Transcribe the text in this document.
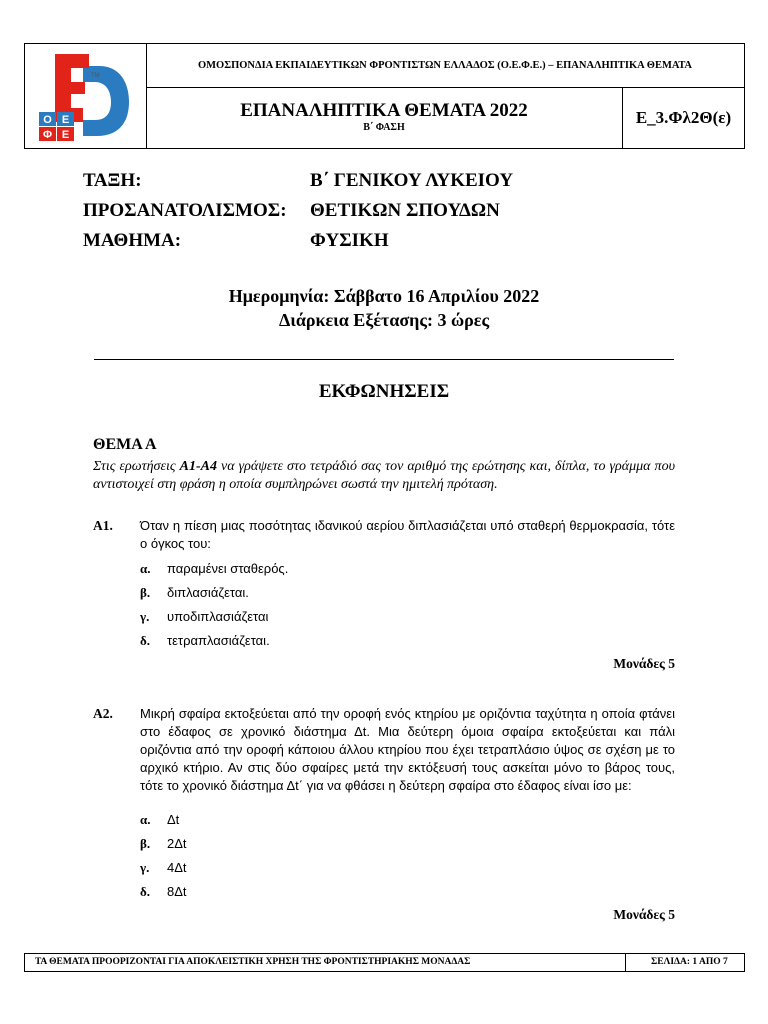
TM
Ο Ε
Φ Ε
ΟΜΟΣΠΟΝΔΙΑ ΕΚΠΑΙΔΕΥΤΙΚΩΝ ΦΡΟΝΤΙΣΤΩΝ ΕΛΛΑΔΟΣ (Ο.Ε.Φ.Ε.) – ΕΠΑΝΑΛΗΠΤΙΚΑ ΘΕΜΑΤΑ
ΕΠΑΝΑΛΗΠΤΙΚΑ ΘΕΜΑΤΑ 2022
Β΄ ΦΑΣΗ
Ε_3.Φλ2Θ(ε)
ΤΑΞΗ:	Β΄ ΓΕΝΙΚΟΥ ΛΥΚΕΙΟΥ
ΠΡΟΣΑΝΑΤΟΛΙΣΜΟΣ:	ΘΕΤΙΚΩΝ ΣΠΟΥΔΩΝ
ΜΑΘΗΜΑ:	ΦΥΣΙΚΗ
Ημερομηνία: Σάββατο 16 Απριλίου 2022
Διάρκεια Εξέτασης: 3 ώρες
ΕΚΦΩΝΗΣΕΙΣ
ΘΕΜΑ Α
Στις ερωτήσεις Α1-Α4 να γράψετε στο τετράδιό σας τον αριθμό της ερώτησης και, δίπλα, το γράμμα που αντιστοιχεί στη φράση η οποία συμπληρώνει σωστά την ημιτελή πρόταση.
Α1. Όταν η πίεση μιας ποσότητας ιδανικού αερίου διπλασιάζεται υπό σταθερή θερμοκρασία, τότε ο όγκος του:
α.	παραμένει σταθερός.
β.	διπλασιάζεται.
γ.	υποδιπλασιάζεται
δ.	τετραπλασιάζεται.
Μονάδες 5
Α2. Μικρή σφαίρα εκτοξεύεται από την οροφή ενός κτηρίου με οριζόντια ταχύτητα η οποία φτάνει στο έδαφος σε χρονικό διάστημα Δt. Μια δεύτερη όμοια σφαίρα εκτοξεύεται και πάλι οριζόντια από την οροφή κάποιου άλλου κτηρίου που έχει τετραπλάσιο ύψος σε σχέση με το αρχικό κτήριο. Αν στις δύο σφαίρες μετά την εκτόξευσή τους ασκείται μόνο το βάρος τους, τότε το χρονικό διάστημα Δt΄ για να φθάσει η δεύτερη σφαίρα στο έδαφος είναι ίσο με:
α.	Δt
β.	2Δt
γ.	4Δt
δ.	8Δt
Μονάδες 5
ΤΑ ΘΕΜΑΤΑ ΠΡΟΟΡΙΖΟΝΤΑΙ ΓΙΑ ΑΠΟΚΛΕΙΣΤΙΚΗ ΧΡΗΣΗ ΤΗΣ ΦΡΟΝΤΙΣΤΗΡΙΑΚΗΣ ΜΟΝΑΔΑΣ	ΣΕΛΙΔΑ: 1 ΑΠΟ 7
